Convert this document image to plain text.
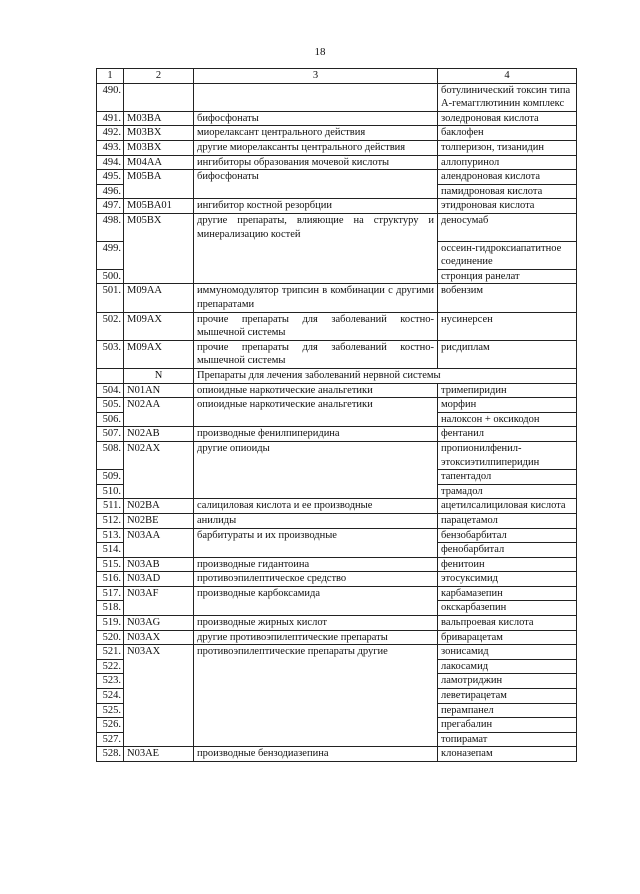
18
1	2	3	4
490.			ботулинический токсин типа А-гемагглютинин комплекс
491.	M03BA	бифосфонаты	золедроновая кислота
492.	M03BX	миорелаксант центрального действия	баклофен
493.	M03BX	другие миорелаксанты центрального действия	толперизон, тизанидин
494.	M04AA	ингибиторы образования мочевой кислоты	аллопуринол
495.	M05BA	бифосфонаты	алендроновая кислота
496.			памидроновая кислота
497.	M05BA01	ингибитор костной резорбции	этидроновая кислота
498.	M05BX	другие препараты, влияющие на структуру и минерализацию костей	деносумаб
499.			оссеин-гидроксиапатитное соединение
500.			стронция ранелат
501.	M09AA	иммуномодулятор трипсин в комбинации с другими препаратами	вобензим
502.	M09AX	прочие препараты для заболеваний костно-мышечной системы	нусинерсен
503.	M09AX	прочие препараты для заболеваний костно-мышечной системы	рисдиплам
	N	Препараты для лечения заболеваний нервной системы	
504.	N01AN	опиоидные наркотические анальгетики	тримепиридин
505.	N02AA	опиоидные наркотические анальгетики	морфин
506.			налоксон + оксикодон
507.	N02AB	производные фенилпиперидина	фентанил
508.	N02AX	другие опиоиды	пропионилфенил-этоксиэтилпиперидин
509.			тапентадол
510.			трамадол
511.	N02BA	салициловая кислота и ее производные	ацетилсалициловая кислота
512.	N02BE	анилиды	парацетамол
513.	N03AA	барбитураты и их производные	бензобарбитал
514.			фенобарбитал
515.	N03AB	производные гидантоина	фенитоин
516.	N03AD	противоэпилептическое средство	этосуксимид
517.	N03AF	производные карбоксамида	карбамазепин
518.			окскарбазепин
519.	N03AG	производные жирных кислот	вальпроевая кислота
520.	N03AX	другие противоэпилептические препараты	бриварацетам
521.	N03AX	противоэпилептические препараты другие	зонисамид
522.			лакосамид
523.			ламотриджин
524.			леветирацетам
525.			перампанел
526.			прегабалин
527.			топирамат
528.	N03AE	производные бензодиазепина	клоназепам
